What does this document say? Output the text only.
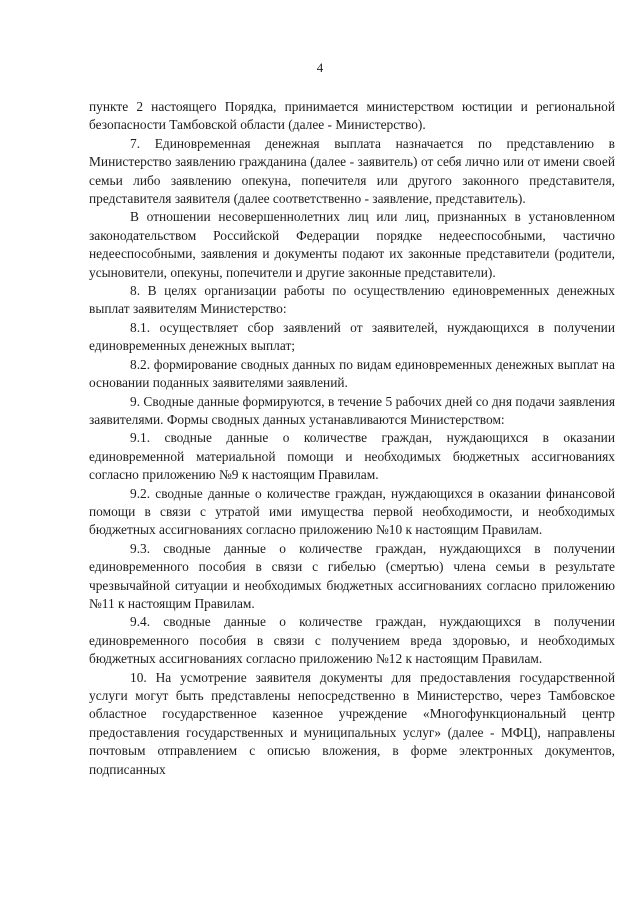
4

пункте 2 настоящего Порядка, принимается министерством юстиции и региональной безопасности Тамбовской области (далее - Министерство).

7. Единовременная денежная выплата назначается по представлению в Министерство заявлению гражданина (далее - заявитель) от себя лично или от имени своей семьи либо заявлению опекуна, попечителя или другого законного представителя, представителя заявителя (далее соответственно - заявление, представитель).

В отношении несовершеннолетних лиц или лиц, признанных в установленном законодательством Российской Федерации порядке недееспособными, частично недееспособными, заявления и документы подают их законные представители (родители, усыновители, опекуны, попечители и другие законные представители).

8. В целях организации работы по осуществлению единовременных денежных выплат заявителям Министерство:

8.1. осуществляет сбор заявлений от заявителей, нуждающихся в получении единовременных денежных выплат;

8.2. формирование сводных данных по видам единовременных денежных выплат на основании поданных заявителями заявлений.

9. Сводные данные формируются, в течение 5 рабочих дней со дня подачи заявления заявителями. Формы сводных данных устанавливаются Министерством:

9.1. сводные данные о количестве граждан, нуждающихся в оказании единовременной материальной помощи и необходимых бюджетных ассигнованиях согласно приложению №9 к настоящим Правилам.

9.2. сводные данные о количестве граждан, нуждающихся в оказании финансовой помощи в связи с утратой ими имущества первой необходимости, и необходимых бюджетных ассигнованиях согласно приложению №10 к настоящим Правилам.

9.3. сводные данные о количестве граждан, нуждающихся в получении единовременного пособия в связи с гибелью (смертью) члена семьи в результате чрезвычайной ситуации и необходимых бюджетных ассигнованиях согласно приложению №11 к настоящим Правилам.

9.4. сводные данные о количестве граждан, нуждающихся в получении единовременного пособия в связи с получением вреда здоровью, и необходимых бюджетных ассигнованиях согласно приложению №12 к настоящим Правилам.

10. На усмотрение заявителя документы для предоставления государственной услуги могут быть представлены непосредственно в Министерство, через Тамбовское областное государственное казенное учреждение «Многофункциональный центр предоставления государственных и муниципальных услуг» (далее - МФЦ), направлены почтовым отправлением с описью вложения, в форме электронных документов, подписанных
